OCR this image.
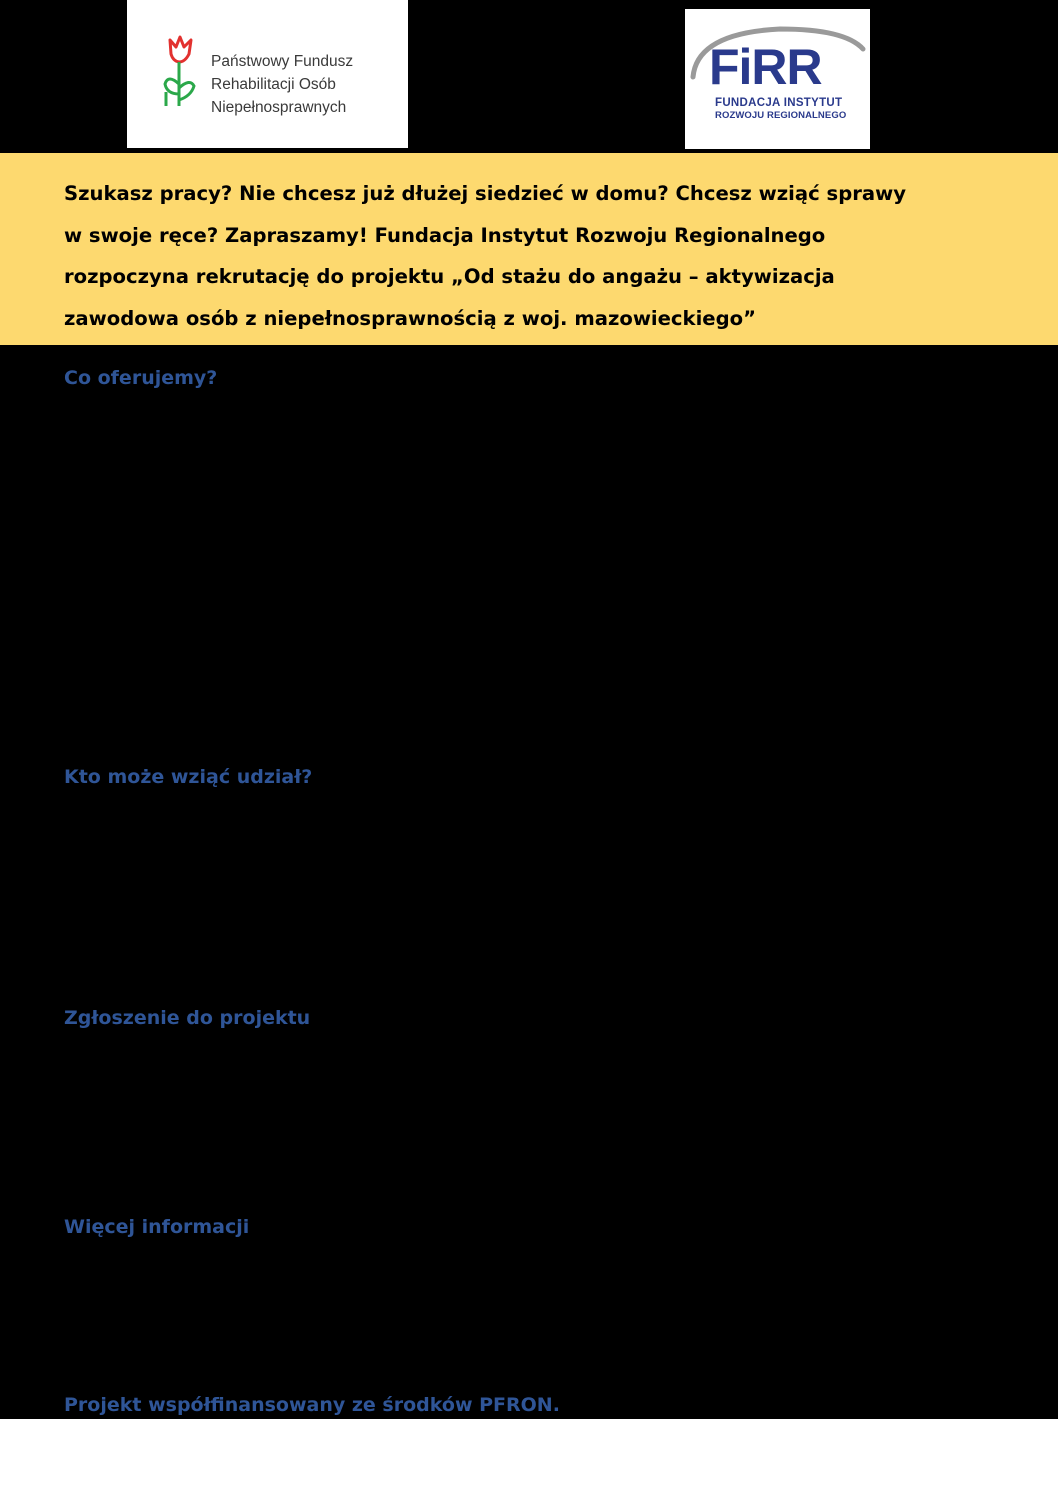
Państwowy Fundusz
Rehabilitacji Osób
Niepełnosprawnych
FiRR
FUNDACJA INSTYTUT
ROZWOJU REGIONALNEGO
Szukasz pracy? Nie chcesz już dłużej siedzieć w domu? Chcesz wziąć sprawy
w swoje ręce? Zapraszamy! Fundacja Instytut Rozwoju Regionalnego
rozpoczyna rekrutację do projektu „Od stażu do angażu – aktywizacja
zawodowa osób z niepełnosprawnością z woj. mazowieckiego”
Co oferujemy?
Kto może wziąć udział?
Zgłoszenie do projektu
Więcej informacji
Projekt współfinansowany ze środków PFRON.
